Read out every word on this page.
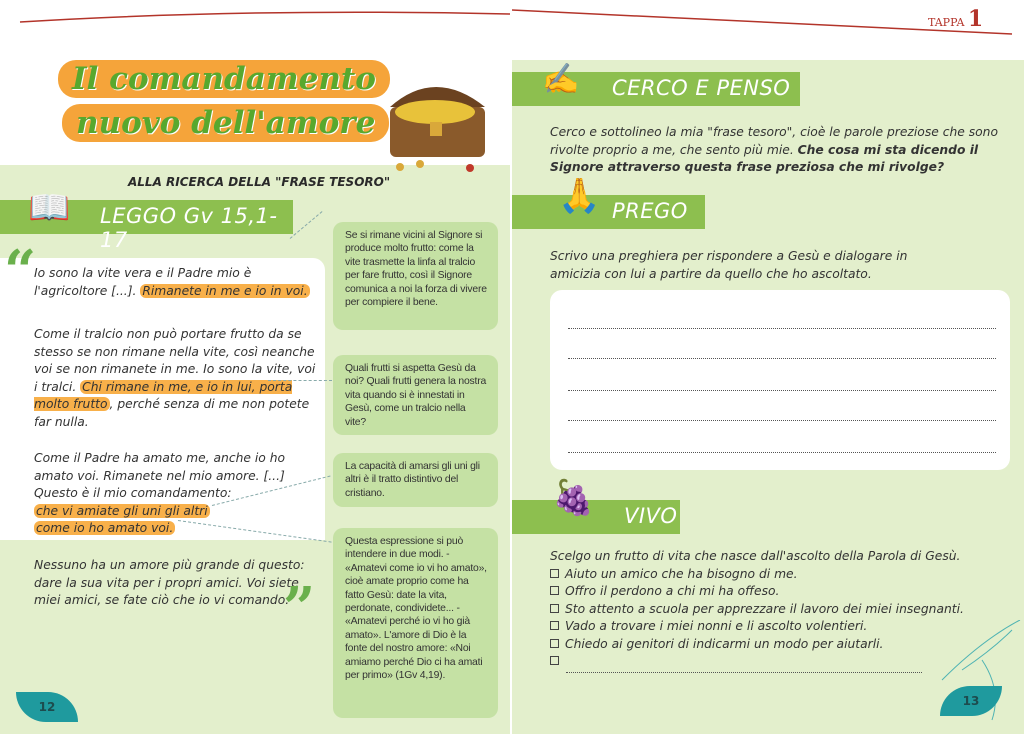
Il comandamento
nuovo dell'amore
ALLA RICERCA DELLA "FRASE TESORO"
LEGGO Gv 15,1-17
📖
“
Io sono la vite vera e il Padre mio è l'agricoltore [...]. Rimanete in me e io in voi.
Come il tralcio non può portare frutto da se stesso se non rimane nella vite, così neanche voi se non rimanete in me. Io sono la vite, voi i tralci. Chi rimane in me, e io in lui, porta molto frutto , perché senza di me non potete far nulla.
Come il Padre ha amato me, anche io ho amato voi. Rimanete nel mio amore. [...] Questo è il mio comandamento:
che vi amiate gli uni gli altri
come io ho amato voi.
Nessuno ha un amore più grande di questo: dare la sua vita per i propri amici. Voi siete miei amici, se fate ciò che io vi comando.
”
Se si rimane vicini al Signore si produce molto frutto: come la vite trasmette la linfa al tralcio per fare frutto, così il Signore comunica a noi la forza di vivere per compiere il bene.
Quali frutti si aspetta Gesù da noi? Quali frutti genera la nostra vita quando si è innestati in Gesù, come un tralcio nella vite?
La capacità di amarsi gli uni gli altri è il tratto distintivo del cristiano.
Questa espressione si può intendere in due modi. - «Amatevi come io vi ho amato», cioè amate proprio come ha fatto Gesù: date la vita, perdonate, condividete... - «Amatevi perché io vi ho già amato». L'amore di Dio è la fonte del nostro amore: «Noi amiamo perché Dio ci ha amati per primo» (1Gv 4,19).
12
TAPPA 1
CERCO E PENSO
✍️
Cerco e sottolineo la mia "frase tesoro", cioè le parole preziose che sono rivolte proprio a me, che sento più mie. Che cosa mi sta dicendo il Signore attraverso questa frase preziosa che mi rivolge?
PREGO
🙏
Scrivo una preghiera per rispondere a Gesù e dialogare in amicizia con lui a partire da quello che ho ascoltato.
VIVO
🍇
Scelgo un frutto di vita che nasce dall'ascolto della Parola di Gesù.
Aiuto un amico che ha bisogno di me.
Offro il perdono a chi mi ha offeso.
Sto attento a scuola per apprezzare il lavoro dei miei insegnanti.
Vado a trovare i miei nonni e li ascolto volentieri.
Chiedo ai genitori di indicarmi un modo per aiutarli.
13
